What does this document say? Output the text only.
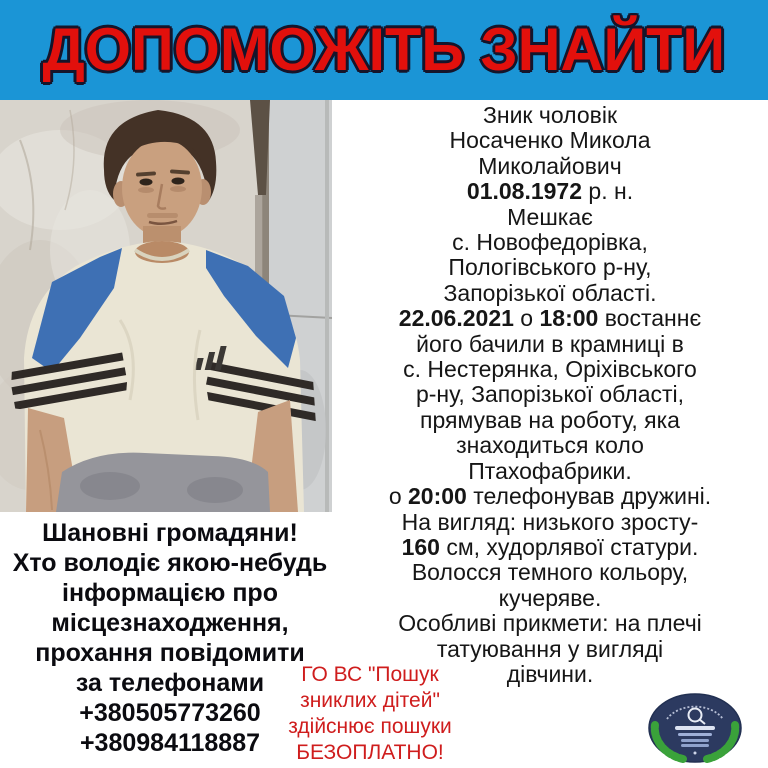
ДОПОМОЖІТЬ ЗНАЙТИ
Зник чоловік
Носаченко Микола
Миколайович
01.08.1972 р. н.
Мешкає
с. Новофедорівка,
Пологівського р-ну,
Запорізької області.
22.06.2021 о 18:00 востаннє
його бачили в крамниці в
с. Нестерянка, Оріхівського
р-ну, Запорізької області,
прямував на роботу, яка
знаходиться коло
Птахофабрики.
о 20:00 телефонував дружині.
На вигляд: низького зросту-
160 см, худорлявої статури.
Волосся темного кольору,
кучеряве.
Особливі прикмети: на плечі
татуювання у вигляді
дівчини.
Шановні громадяни!
Хто володіє якою-небудь
інформацією про
місцезнаходження,
прохання повідомити
за телефонами
+380505773260
+380984118887
ГО ВС "Пошук
зниклих дітей"
здійснює пошуки
БЕЗОПЛАТНО!
